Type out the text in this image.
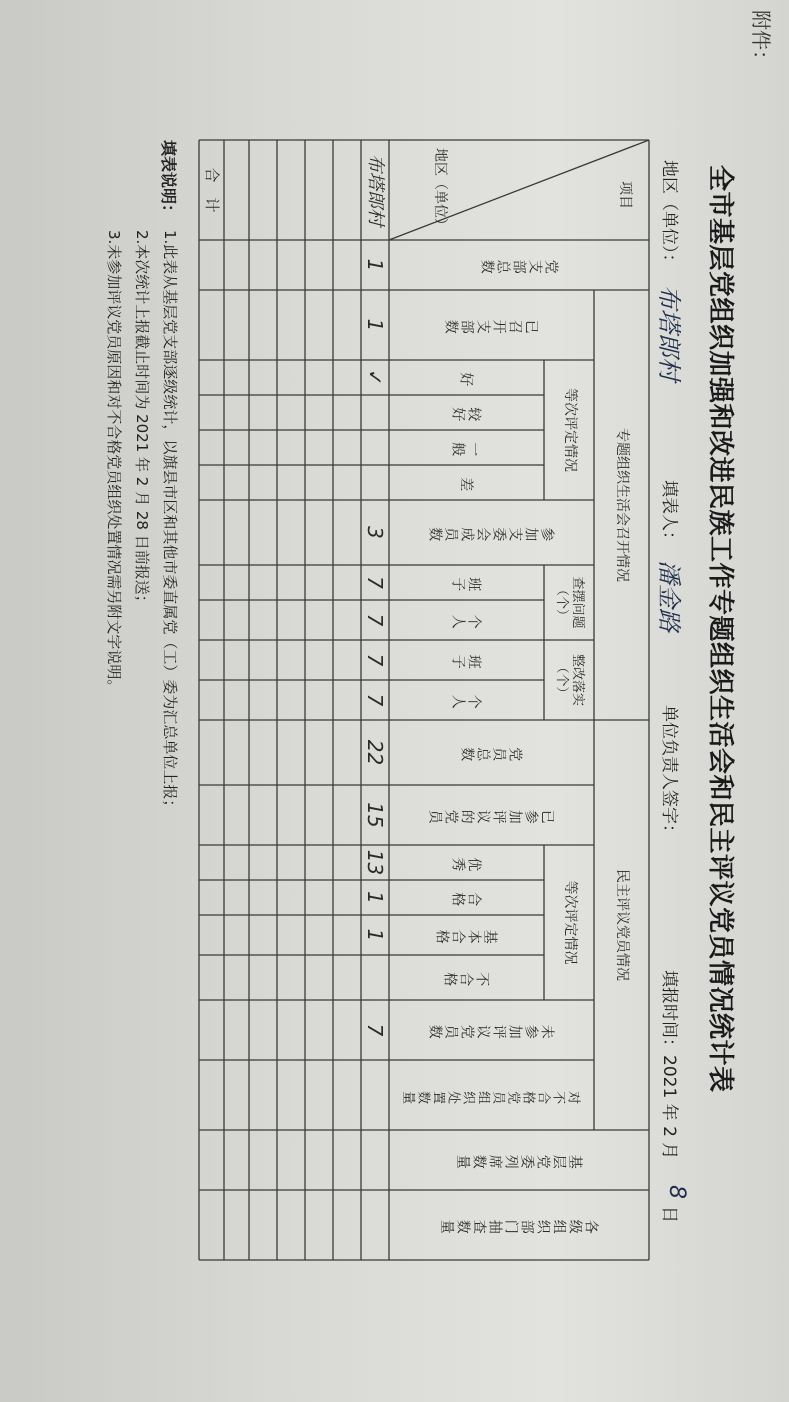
附件：
全市基层党组织加强和改进民族工作专题组织生活会和民主评议党员情况统计表
地区（单位）：
布塔郎村
填表人：
潘金路
单位负责人签字：
填报时间：2021 年 2 月
8
日
项目
地区（单位）
党支部总数
专题组织生活会召开情况
已召开支部数
等次评定情况
好
较好
一般
差
参加支委会成员数
查摆问题（个）
班子
个人
整改落实（个）
班子
个人
民主评议党员情况
党员总数
已参加评议的党员
等次评定情况
优秀
合格
基本合格
不合格
未参加评议党员数
对不合格党员组织处置数量
基层党委列席数量
各级组织部门抽查数量
布塔郎村
1
1
✓
3
7
7
7
7
22
15
13
1
1
7
合　计
填表说明：
1.此表从基层党支部逐级统计，以旗县市区和其他市委直属党（工）委为汇总单位上报；
2.本次统计上报截止时间为 2021 年 2 月 28 日前报送；
3.未参加评议党员原因和对不合格党员组织处置情况需另附文字说明。
